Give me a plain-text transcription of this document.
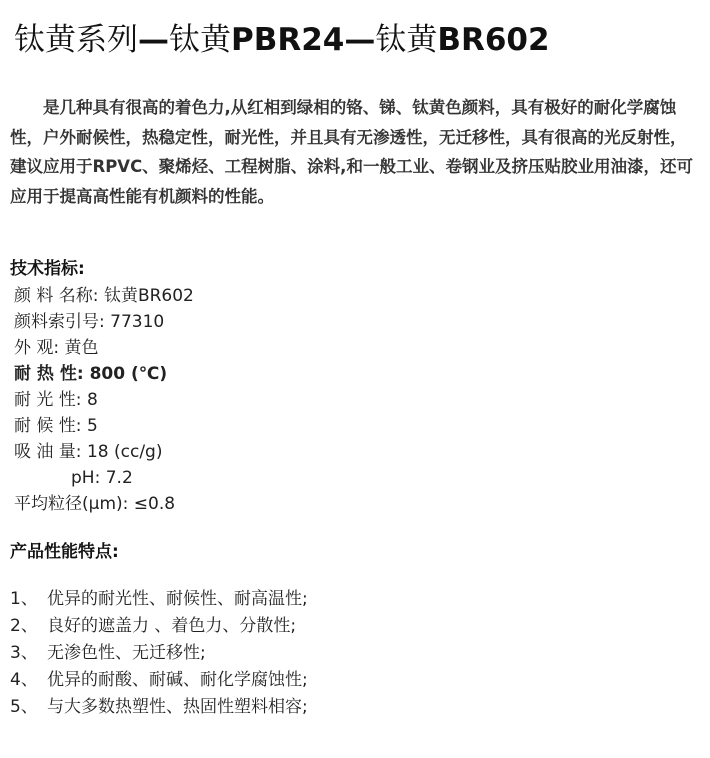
钛黄系列—钛黄PBR24—钛黄BR602

是几种具有很高的着色力,从红相到绿相的铬、锑、钛黄色颜料，具有极好的耐化学腐蚀性，户外耐候性，热稳定性，耐光性，并且具有无渗透性，无迁移性，具有很高的光反射性，建议应用于RPVC、聚烯烃、工程树脂、涂料,和一般工业、卷钢业及挤压贴胶业用油漆，还可应用于提高高性能有机颜料的性能。

技术指标:
颜 料 名称: 钛黄BR602
颜料索引号: 77310
外 观: 黄色
耐 热 性: 800 (℃)
耐 光 性: 8
耐 候 性: 5
吸 油 量: 18 (cc/g)
pH: 7.2
平均粒径(μm): ≤0.8
产品性能特点:
1、 优异的耐光性、耐候性、耐高温性;
2、 良好的遮盖力 、着色力、分散性;
3、 无渗色性、无迁移性;
4、 优异的耐酸、耐碱、耐化学腐蚀性;
5、 与大多数热塑性、热固性塑料相容;
